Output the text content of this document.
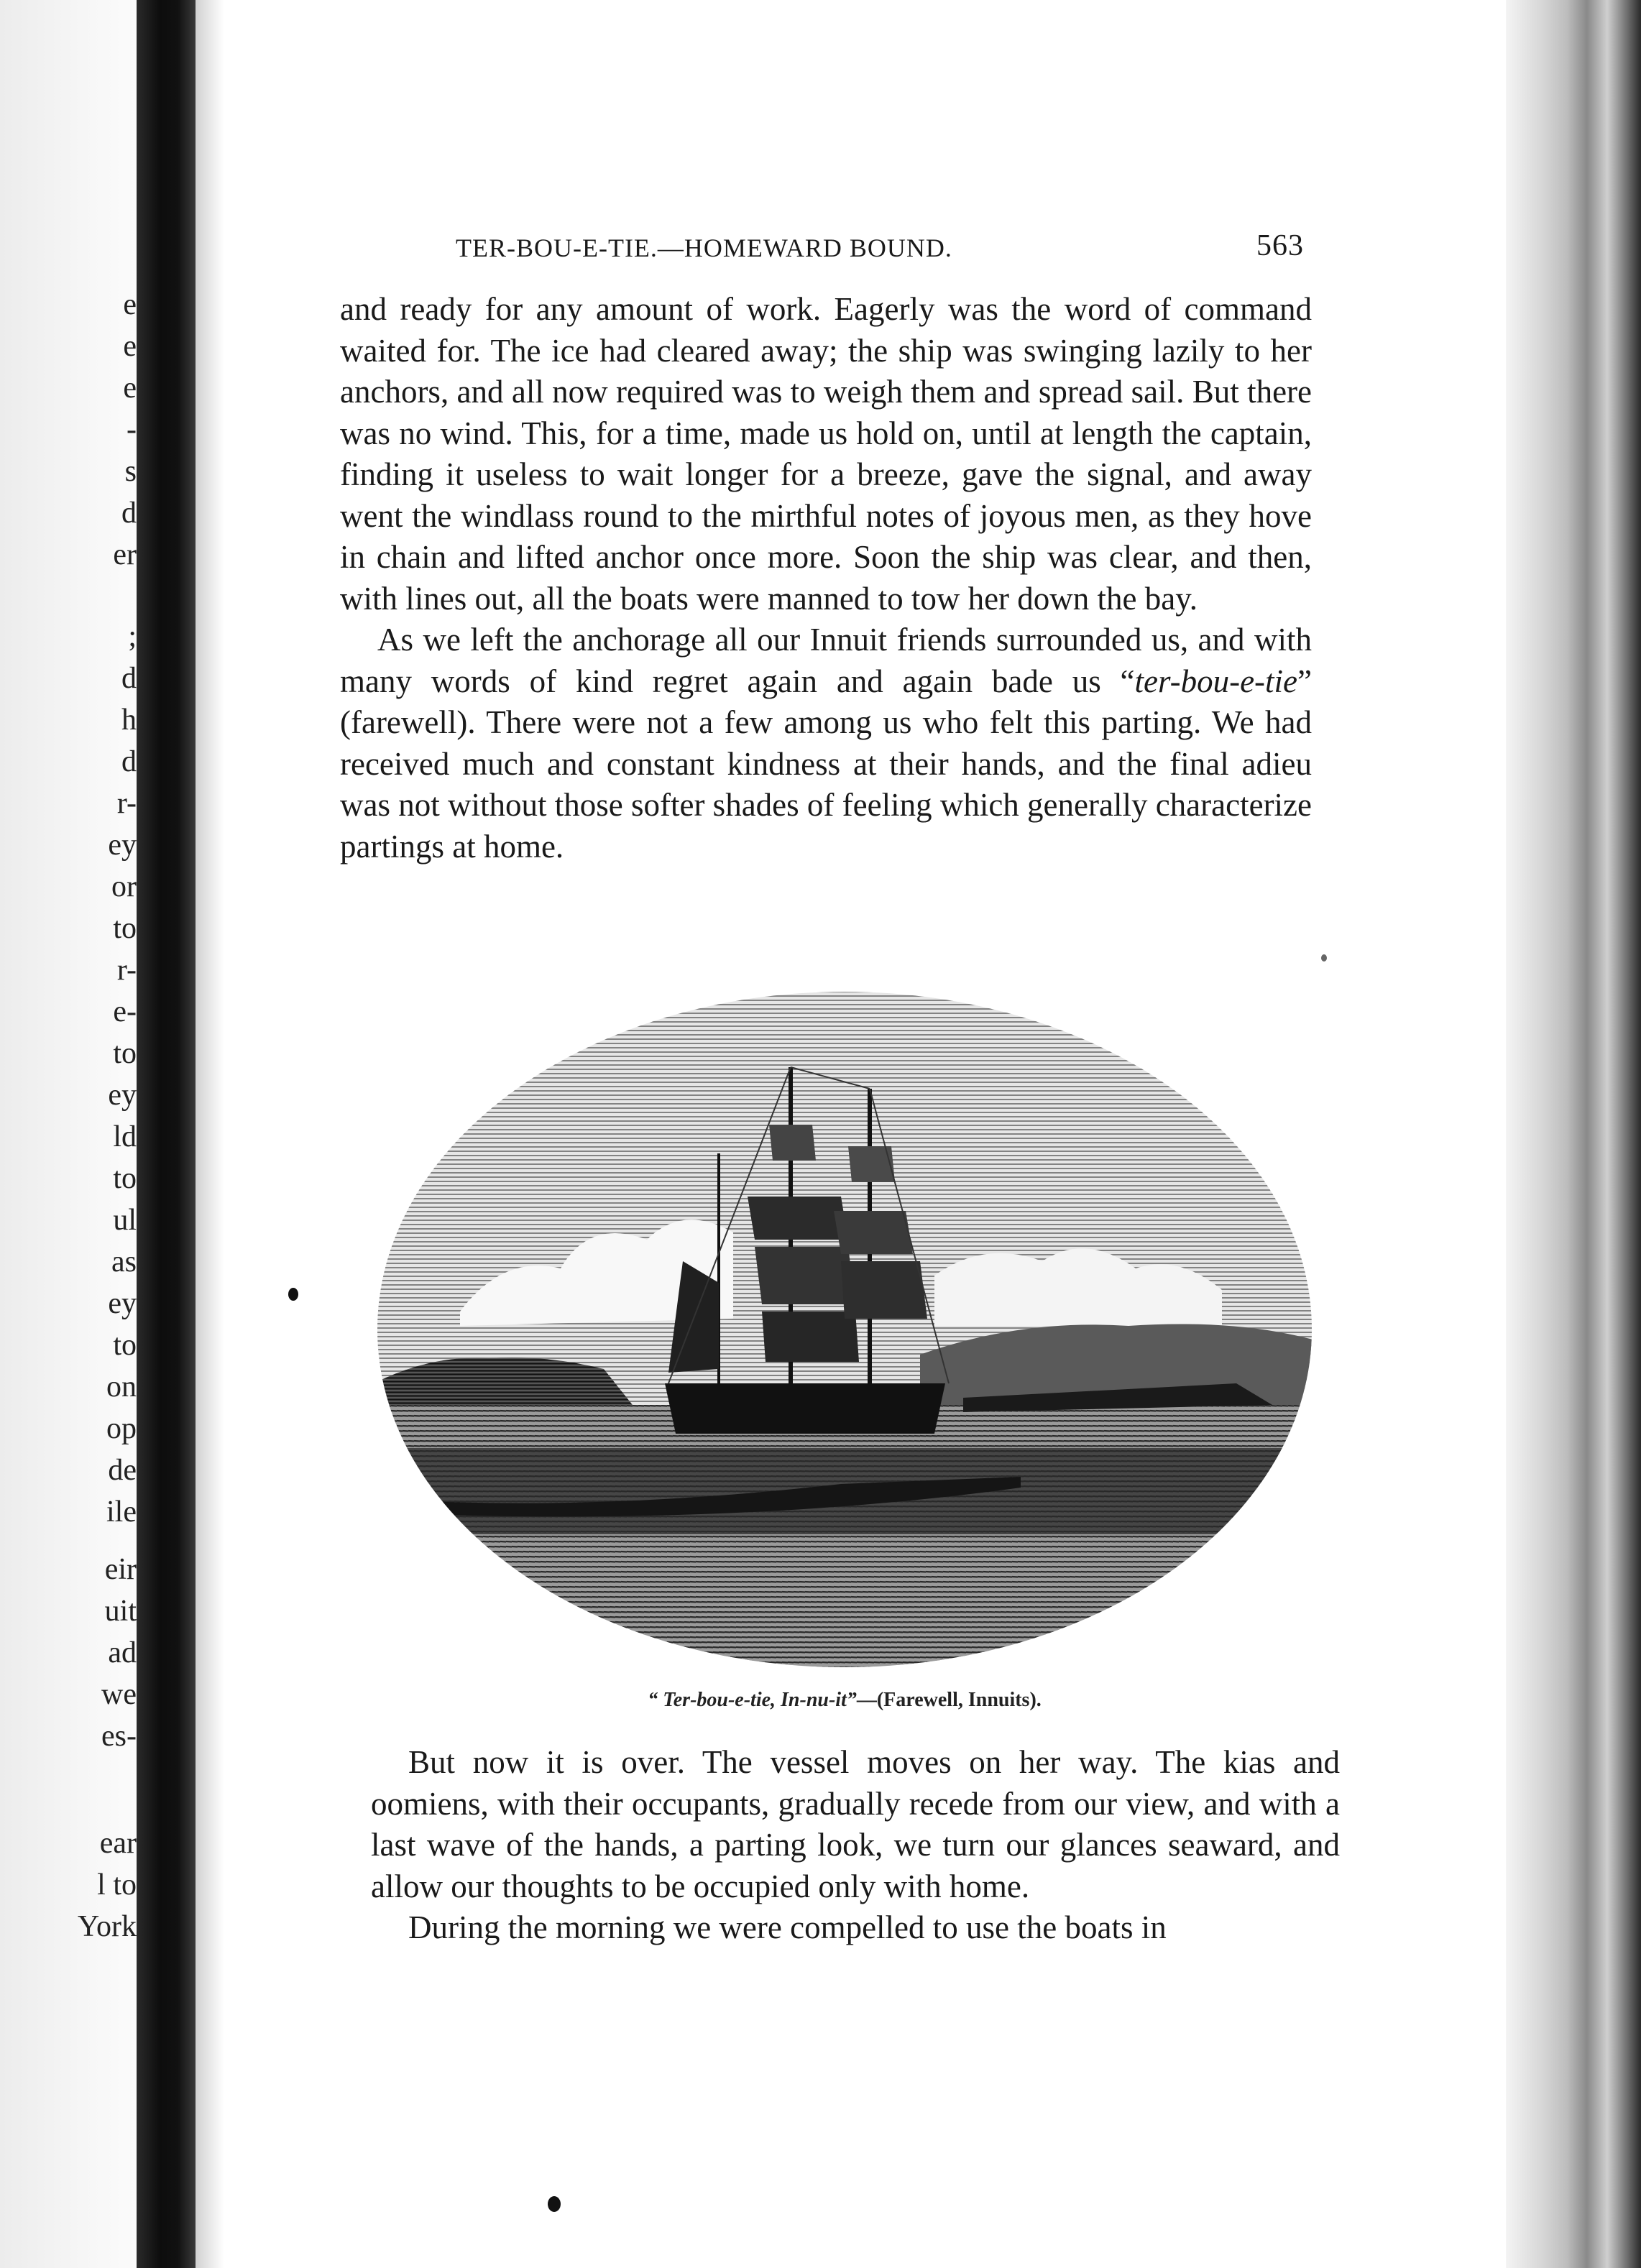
e
e
e
-
s
d
er
;
d
h
d
r-
ey
or
to
r-
e-
to
ey
ld
to
ul
as
ey
to
on
op
de
ile
eir
uit
ad
we
es-
ear
l to
York
TER-BOU-E-TIE.—HOMEWARD BOUND.	563

and ready for any amount of work. Eagerly was the word of command waited for. The ice had cleared away; the ship was swinging lazily to her anchors, and all now required was to weigh them and spread sail. But there was no wind. This, for a time, made us hold on, until at length the captain, finding it useless to wait longer for a breeze, gave the signal, and away went the windlass round to the mirthful notes of joyous men, as they hove in chain and lifted anchor once more. Soon the ship was clear, and then, with lines out, all the boats were manned to tow her down the bay.

As we left the anchorage all our Innuit friends surrounded us, and with many words of kind regret again and again bade us “ter-bou-e-tie” (farewell). There were not a few among us who felt this parting. We had received much and constant kindness at their hands, and the final adieu was not without those softer shades of feeling which generally characterize partings at home.

“ Ter-bou-e-tie, In-nu-it”—(Farewell, Innuits).

But now it is over. The vessel moves on her way. The kias and oomiens, with their occupants, gradually recede from our view, and with a last wave of the hands, a parting look, we turn our glances seaward, and allow our thoughts to be occupied only with home.

During the morning we were compelled to use the boats in
